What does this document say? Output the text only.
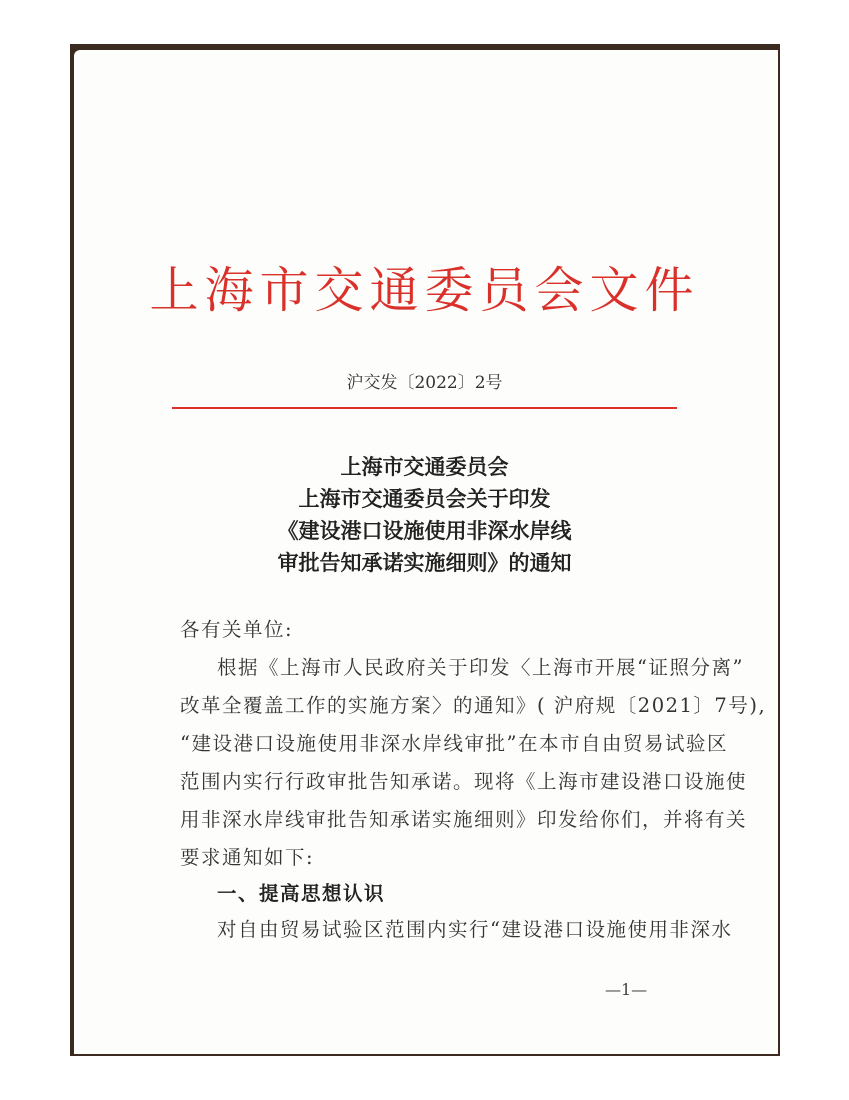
上海市交通委员会文件
沪交发〔2022〕2号
上海市交通委员会
上海市交通委员会关于印发
《建设港口设施使用非深水岸线
审批告知承诺实施细则》的通知
各有关单位:
根据《上海市人民政府关于印发〈上海市开展“证照分离”
改革全覆盖工作的实施方案〉的通知》( 沪府规〔2021〕7号),
“建设港口设施使用非深水岸线审批”在本市自由贸易试验区
范围内实行行政审批告知承诺。现将《上海市建设港口设施使
用非深水岸线审批告知承诺实施细则》印发给你们，并将有关
要求通知如下:
一、提高思想认识
对自由贸易试验区范围内实行“建设港口设施使用非深水
—1—
